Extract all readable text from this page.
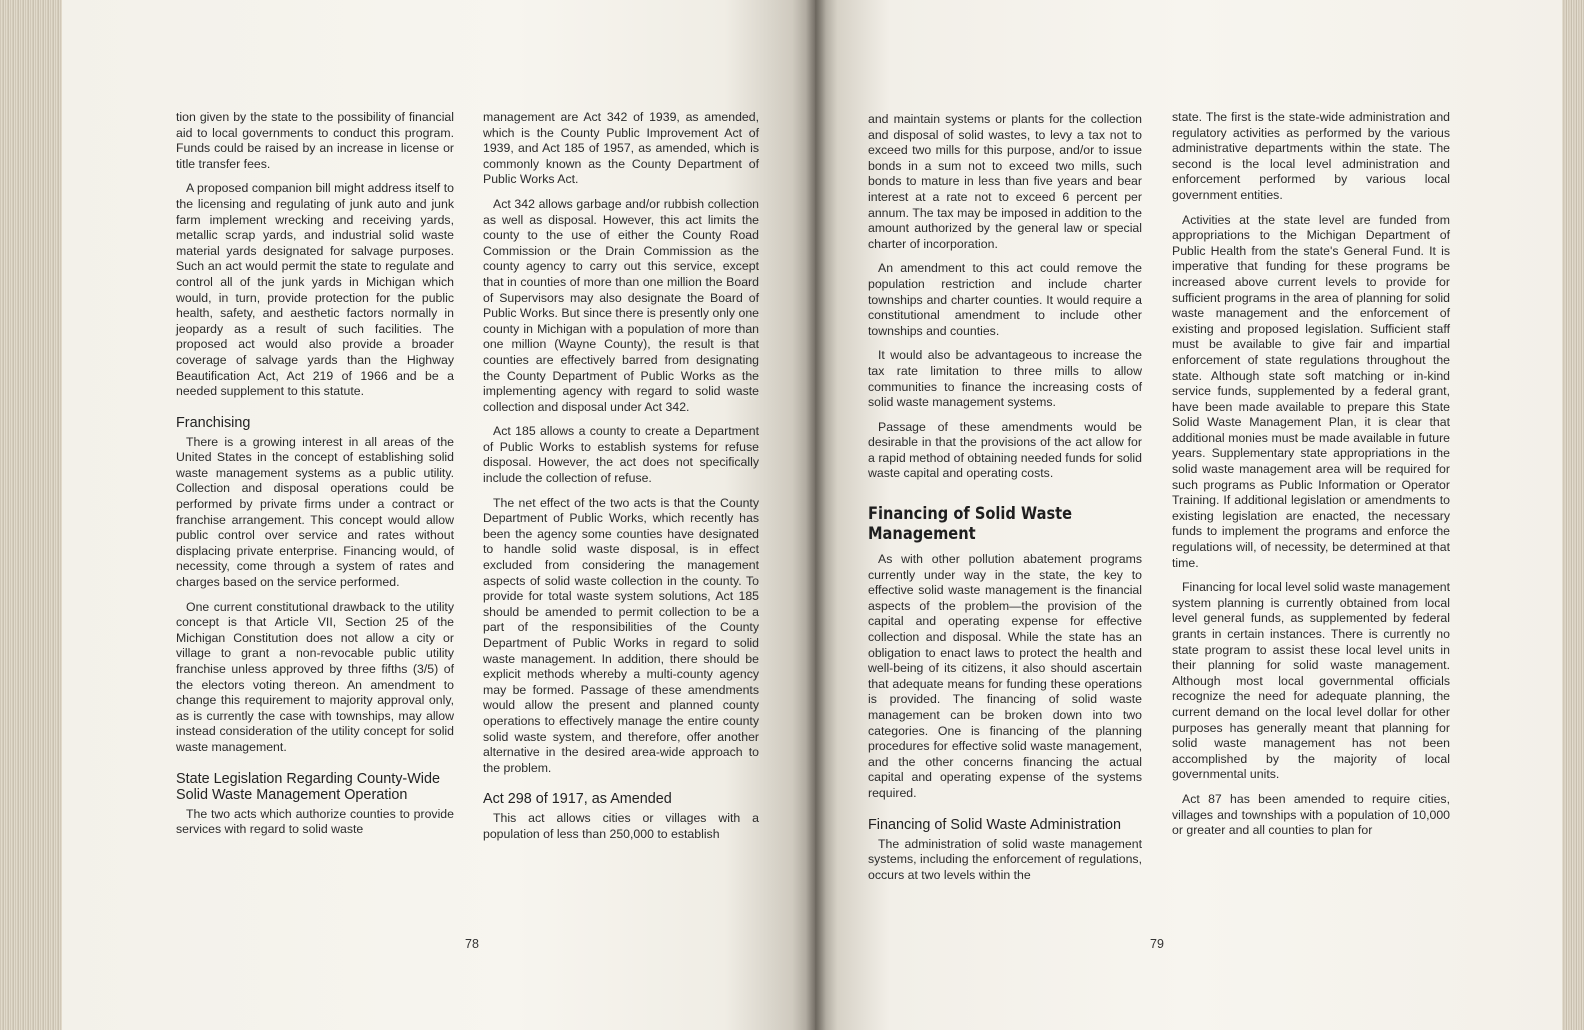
tion given by the state to the possibility of financial aid to local governments to conduct this program. Funds could be raised by an increase in license or title transfer fees.

A proposed companion bill might address itself to the licensing and regulating of junk auto and junk farm implement wrecking and receiving yards, metallic scrap yards, and industrial solid waste material yards designated for salvage purposes. Such an act would permit the state to regulate and control all of the junk yards in Michigan which would, in turn, provide protection for the public health, safety, and aesthetic factors normally in jeopardy as a result of such facilities. The proposed act would also provide a broader coverage of salvage yards than the Highway Beautification Act, Act 219 of 1966 and be a needed supplement to this statute.

Franchising

There is a growing interest in all areas of the United States in the concept of establishing solid waste management systems as a public utility. Collection and disposal operations could be performed by private firms under a contract or franchise arrangement. This concept would allow public control over service and rates without displacing private enterprise. Financing would, of necessity, come through a system of rates and charges based on the service performed.

One current constitutional drawback to the utility concept is that Article VII, Section 25 of the Michigan Constitution does not allow a city or village to grant a non-revocable public utility franchise unless approved by three fifths (3/5) of the electors voting thereon. An amendment to change this requirement to majority approval only, as is currently the case with townships, may allow instead consideration of the utility concept for solid waste management.

State Legislation Regarding County-Wide Solid Waste Management Operation

The two acts which authorize counties to provide services with regard to solid waste

management are Act 342 of 1939, as amended, which is the County Public Improvement Act of 1939, and Act 185 of 1957, as amended, which is commonly known as the County Department of Public Works Act.

Act 342 allows garbage and/or rubbish collection as well as disposal. However, this act limits the county to the use of either the County Road Commission or the Drain Commission as the county agency to carry out this service, except that in counties of more than one million the Board of Supervisors may also designate the Board of Public Works. But since there is presently only one county in Michigan with a population of more than one million (Wayne County), the result is that counties are effectively barred from designating the County Department of Public Works as the implementing agency with regard to solid waste collection and disposal under Act 342.

Act 185 allows a county to create a Department of Public Works to establish systems for refuse disposal. However, the act does not specifically include the collection of refuse.

The net effect of the two acts is that the County Department of Public Works, which recently has been the agency some counties have designated to handle solid waste disposal, is in effect excluded from considering the management aspects of solid waste collection in the county. To provide for total waste system solutions, Act 185 should be amended to permit collection to be a part of the responsibilities of the County Department of Public Works in regard to solid waste management. In addition, there should be explicit methods whereby a multi-county agency may be formed. Passage of these amendments would allow the present and planned county operations to effectively manage the entire county solid waste system, and therefore, offer another alternative in the desired area-wide approach to the problem.

Act 298 of 1917, as Amended

This act allows cities or villages with a population of less than 250,000 to establish

78

and maintain systems or plants for the collection and disposal of solid wastes, to levy a tax not to exceed two mills for this purpose, and/or to issue bonds in a sum not to exceed two mills, such bonds to mature in less than five years and bear interest at a rate not to exceed 6 percent per annum. The tax may be imposed in addition to the amount authorized by the general law or special charter of incorporation.

An amendment to this act could remove the population restriction and include charter townships and charter counties. It would require a constitutional amendment to include other townships and counties.

It would also be advantageous to increase the tax rate limitation to three mills to allow communities to finance the increasing costs of solid waste management systems.

Passage of these amendments would be desirable in that the provisions of the act allow for a rapid method of obtaining needed funds for solid waste capital and operating costs.

Financing of Solid Waste Management

As with other pollution abatement programs currently under way in the state, the key to effective solid waste management is the financial aspects of the problem—the provision of the capital and operating expense for effective collection and disposal. While the state has an obligation to enact laws to protect the health and well-being of its citizens, it also should ascertain that adequate means for funding these operations is provided. The financing of solid waste management can be broken down into two categories. One is financing of the planning procedures for effective solid waste management, and the other concerns financing the actual capital and operating expense of the systems required.

Financing of Solid Waste Administration

The administration of solid waste management systems, including the enforcement of regulations, occurs at two levels within the

state. The first is the state-wide administration and regulatory activities as performed by the various administrative departments within the state. The second is the local level administration and enforcement performed by various local government entities.

Activities at the state level are funded from appropriations to the Michigan Department of Public Health from the state's General Fund. It is imperative that funding for these programs be increased above current levels to provide for sufficient programs in the area of planning for solid waste management and the enforcement of existing and proposed legislation. Sufficient staff must be available to give fair and impartial enforcement of state regulations throughout the state. Although state soft matching or in-kind service funds, supplemented by a federal grant, have been made available to prepare this State Solid Waste Management Plan, it is clear that additional monies must be made available in future years. Supplementary state appropriations in the solid waste management area will be required for such programs as Public Information or Operator Training. If additional legislation or amendments to existing legislation are enacted, the necessary funds to implement the programs and enforce the regulations will, of necessity, be determined at that time.

Financing for local level solid waste management system planning is currently obtained from local level general funds, as supplemented by federal grants in certain instances. There is currently no state program to assist these local level units in their planning for solid waste management. Although most local governmental officials recognize the need for adequate planning, the current demand on the local level dollar for other purposes has generally meant that planning for solid waste management has not been accomplished by the majority of local governmental units.

Act 87 has been amended to require cities, villages and townships with a population of 10,000 or greater and all counties to plan for

79
